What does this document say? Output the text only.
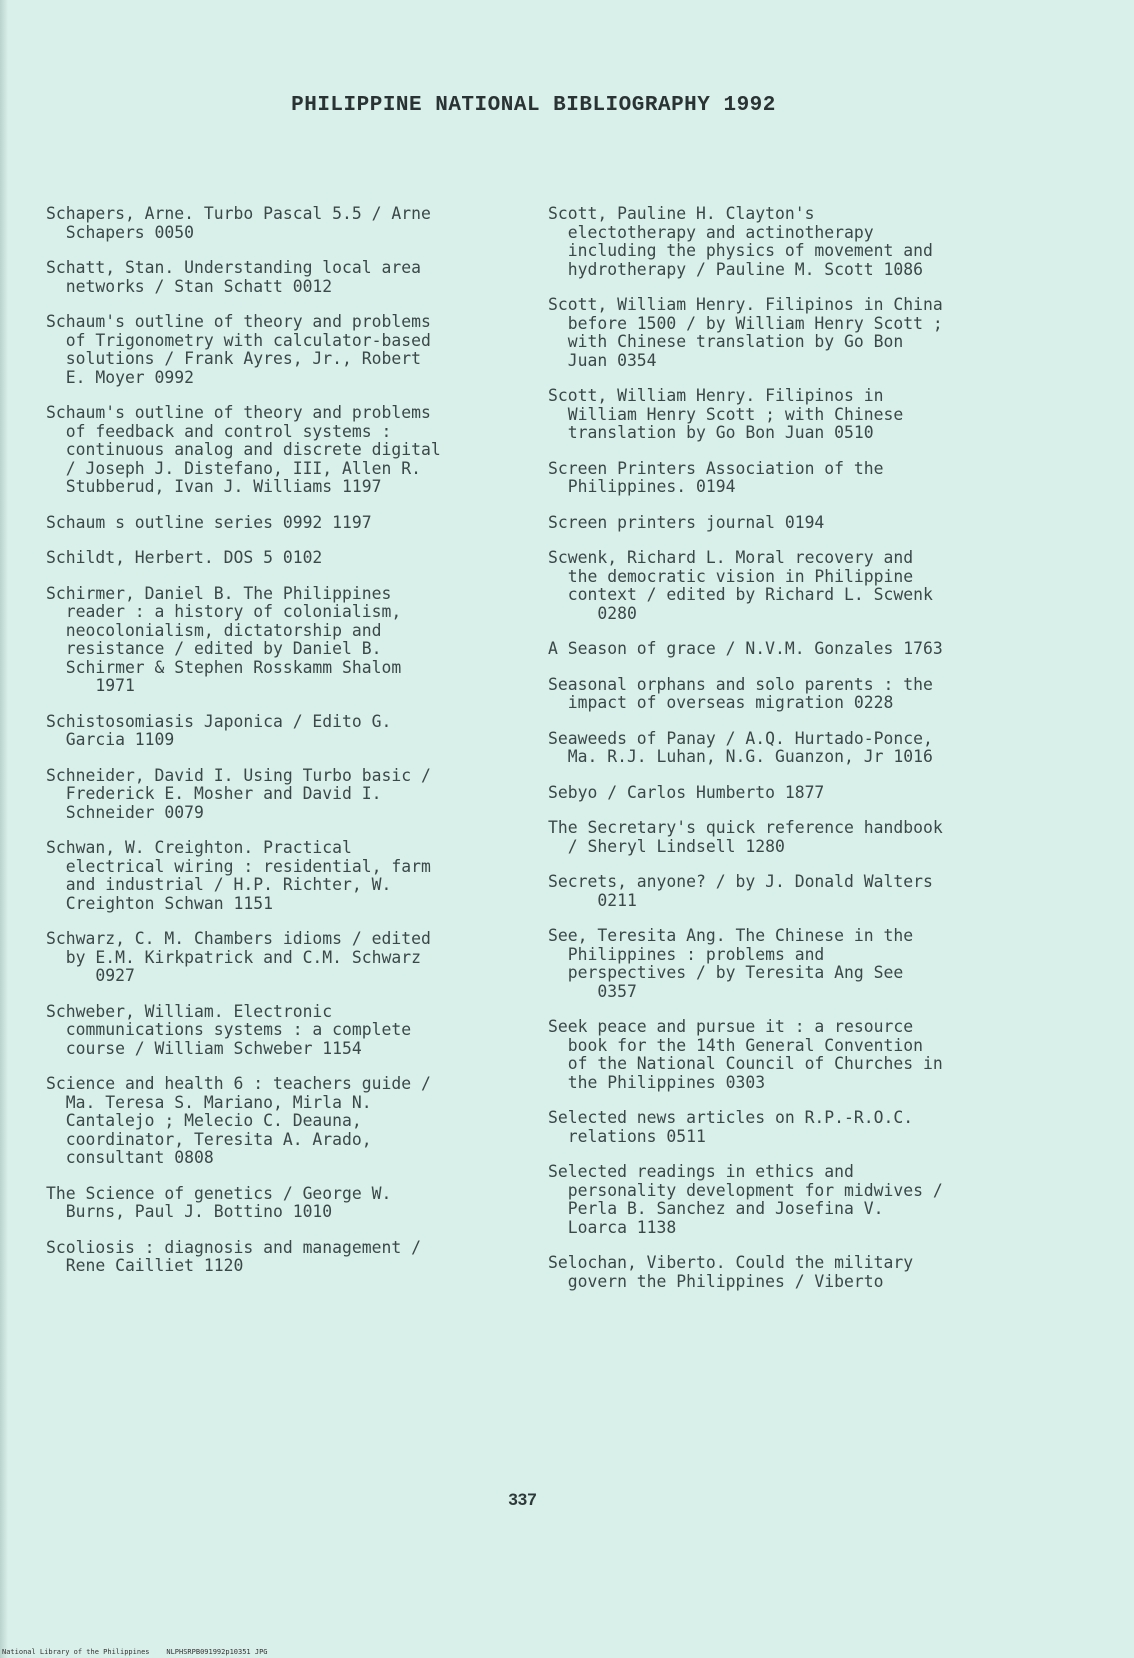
PHILIPPINE NATIONAL BIBLIOGRAPHY 1992

Schapers, Arne. Turbo Pascal 5.5 / Arne
Schapers 0050

Schatt, Stan. Understanding local area
networks / Stan Schatt 0012

Schaum's outline of theory and problems
of Trigonometry with calculator-based
solutions / Frank Ayres, Jr., Robert
E. Moyer 0992

Schaum's outline of theory and problems
of feedback and control systems :
continuous analog and discrete digital
/ Joseph J. Distefano, III, Allen R.
Stubberud, Ivan J. Williams 1197

Schaum s outline series 0992 1197

Schildt, Herbert. DOS 5 0102

Schirmer, Daniel B. The Philippines
reader : a history of colonialism,
neocolonialism, dictatorship and
resistance / edited by Daniel B.
Schirmer & Stephen Rosskamm Shalom
1971

Schistosomiasis Japonica / Edito G.
Garcia 1109

Schneider, David I. Using Turbo basic /
Frederick E. Mosher and David I.
Schneider 0079

Schwan, W. Creighton. Practical
electrical wiring : residential, farm
and industrial / H.P. Richter, W.
Creighton Schwan 1151

Schwarz, C. M. Chambers idioms / edited
by E.M. Kirkpatrick and C.M. Schwarz
0927

Schweber, William. Electronic
communications systems : a complete
course / William Schweber 1154

Science and health 6 : teachers guide /
Ma. Teresa S. Mariano, Mirla N.
Cantalejo ; Melecio C. Deauna,
coordinator, Teresita A. Arado,
consultant 0808

The Science of genetics / George W.
Burns, Paul J. Bottino 1010

Scoliosis : diagnosis and management /
Rene Cailliet 1120

Scott, Pauline H. Clayton's
electotherapy and actinotherapy
including the physics of movement and
hydrotherapy / Pauline M. Scott 1086

Scott, William Henry. Filipinos in China
before 1500 / by William Henry Scott ;
with Chinese translation by Go Bon
Juan 0354

Scott, William Henry. Filipinos in
William Henry Scott ; with Chinese
translation by Go Bon Juan 0510

Screen Printers Association of the
Philippines. 0194

Screen printers journal 0194

Scwenk, Richard L. Moral recovery and
the democratic vision in Philippine
context / edited by Richard L. Scwenk
0280

A Season of grace / N.V.M. Gonzales 1763

Seasonal orphans and solo parents : the
impact of overseas migration 0228

Seaweeds of Panay / A.Q. Hurtado-Ponce,
Ma. R.J. Luhan, N.G. Guanzon, Jr 1016

Sebyo / Carlos Humberto 1877

The Secretary's quick reference handbook
/ Sheryl Lindsell 1280

Secrets, anyone? / by J. Donald Walters
0211

See, Teresita Ang. The Chinese in the
Philippines : problems and
perspectives / by Teresita Ang See
0357

Seek peace and pursue it : a resource
book for the 14th General Convention
of the National Council of Churches in
the Philippines 0303

Selected news articles on R.P.-R.O.C.
relations 0511

Selected readings in ethics and
personality development for midwives /
Perla B. Sanchez and Josefina V.
Loarca 1138

Selochan, Viberto. Could the military
govern the Philippines / Viberto

337
National Library of the Philippines    NLPHSRPB091992p10351 JPG
